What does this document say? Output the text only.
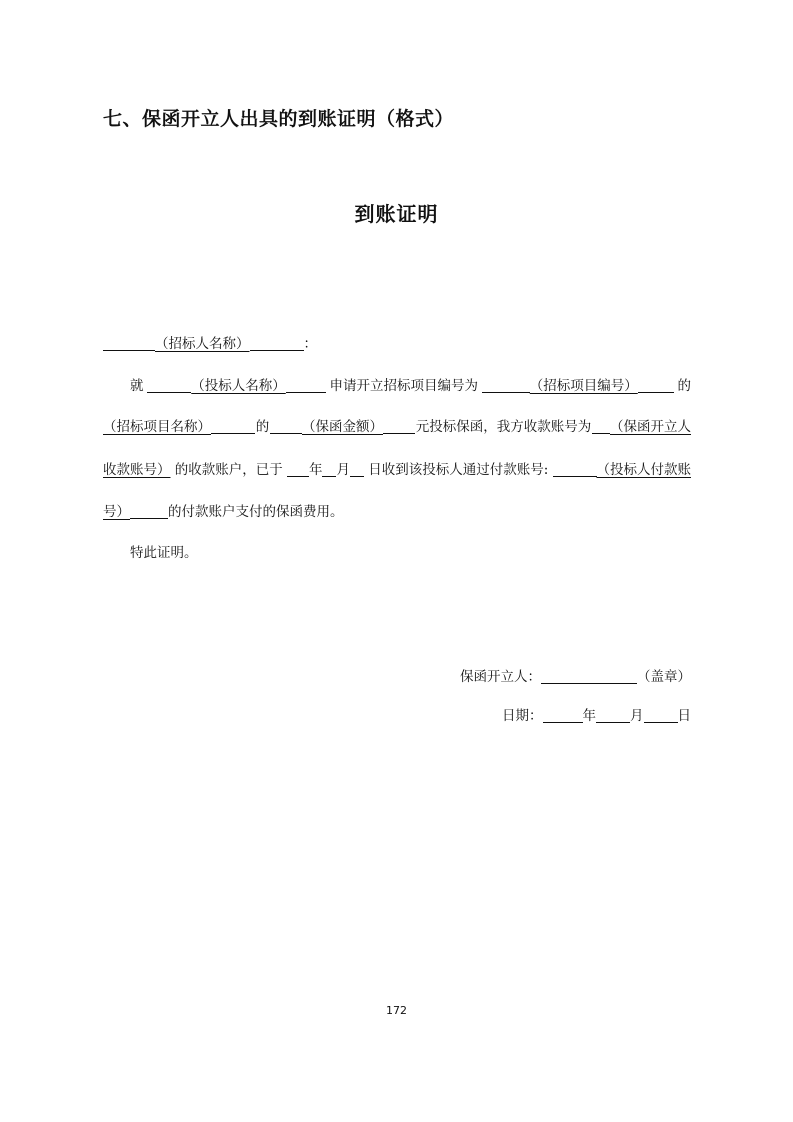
七、保函开立人出具的到账证明（格式）
到账证明

（招标人名称）	：

就	（投标人名称）	申请开立招标项目编号为	（招标项目编号）	的

（招标项目名称）	的	（保函金额）	元投标保函，我方收款账号为	（保函开立人

收款账号） 的收款账户，已于	年 月	日收到该投标人通过付款账号:	（投标人付款账

号）	的付款账户支付的保函费用。

特此证明。

保函开立人：	（盖章）

日期：	年	月	日

172
